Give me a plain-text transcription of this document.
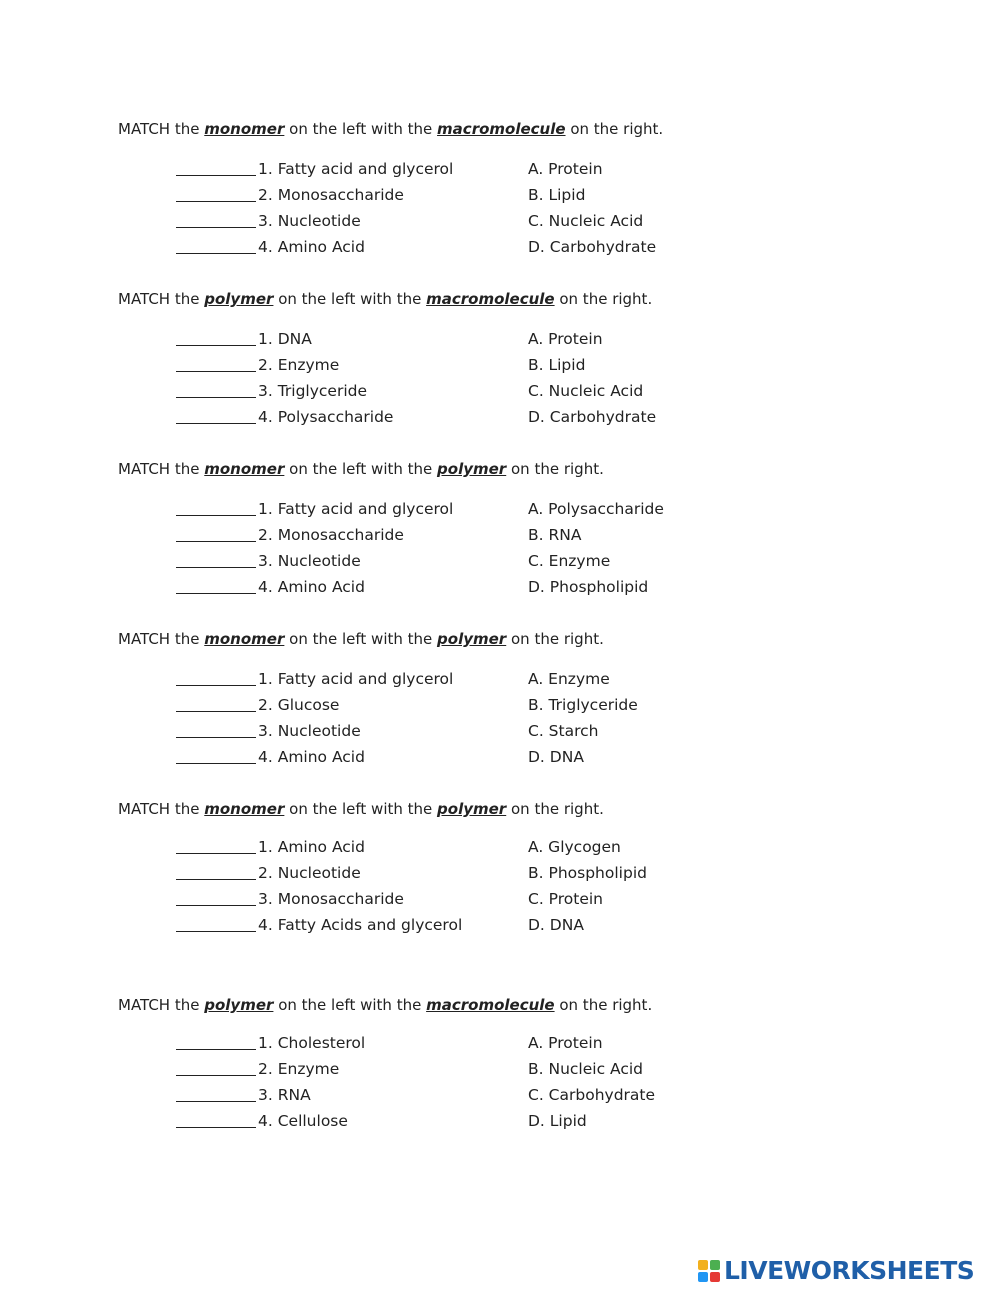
MATCH the monomer on the left with the macromolecule on the right.
1. Fatty acid and glycerol	A. Protein
2. Monosaccharide	B. Lipid
3. Nucleotide	C. Nucleic Acid
4. Amino Acid	D. Carbohydrate
MATCH the polymer on the left with the macromolecule on the right.
1. DNA	A. Protein
2. Enzyme	B. Lipid
3. Triglyceride	C. Nucleic Acid
4. Polysaccharide	D. Carbohydrate
MATCH the monomer on the left with the polymer on the right.
1. Fatty acid and glycerol	A. Polysaccharide
2. Monosaccharide	B. RNA
3. Nucleotide	C. Enzyme
4. Amino Acid	D. Phospholipid
MATCH the monomer on the left with the polymer on the right.
1. Fatty acid and glycerol	A. Enzyme
2. Glucose	B. Triglyceride
3. Nucleotide	C. Starch
4. Amino Acid	D. DNA
MATCH the monomer on the left with the polymer on the right.
1. Amino Acid	A. Glycogen
2. Nucleotide	B. Phospholipid
3. Monosaccharide	C. Protein
4. Fatty Acids and glycerol	D. DNA
MATCH the polymer on the left with the macromolecule on the right.
1. Cholesterol	A. Protein
2. Enzyme	B. Nucleic Acid
3. RNA	C. Carbohydrate
4. Cellulose	D. Lipid
LIVEWORKSHEETS
